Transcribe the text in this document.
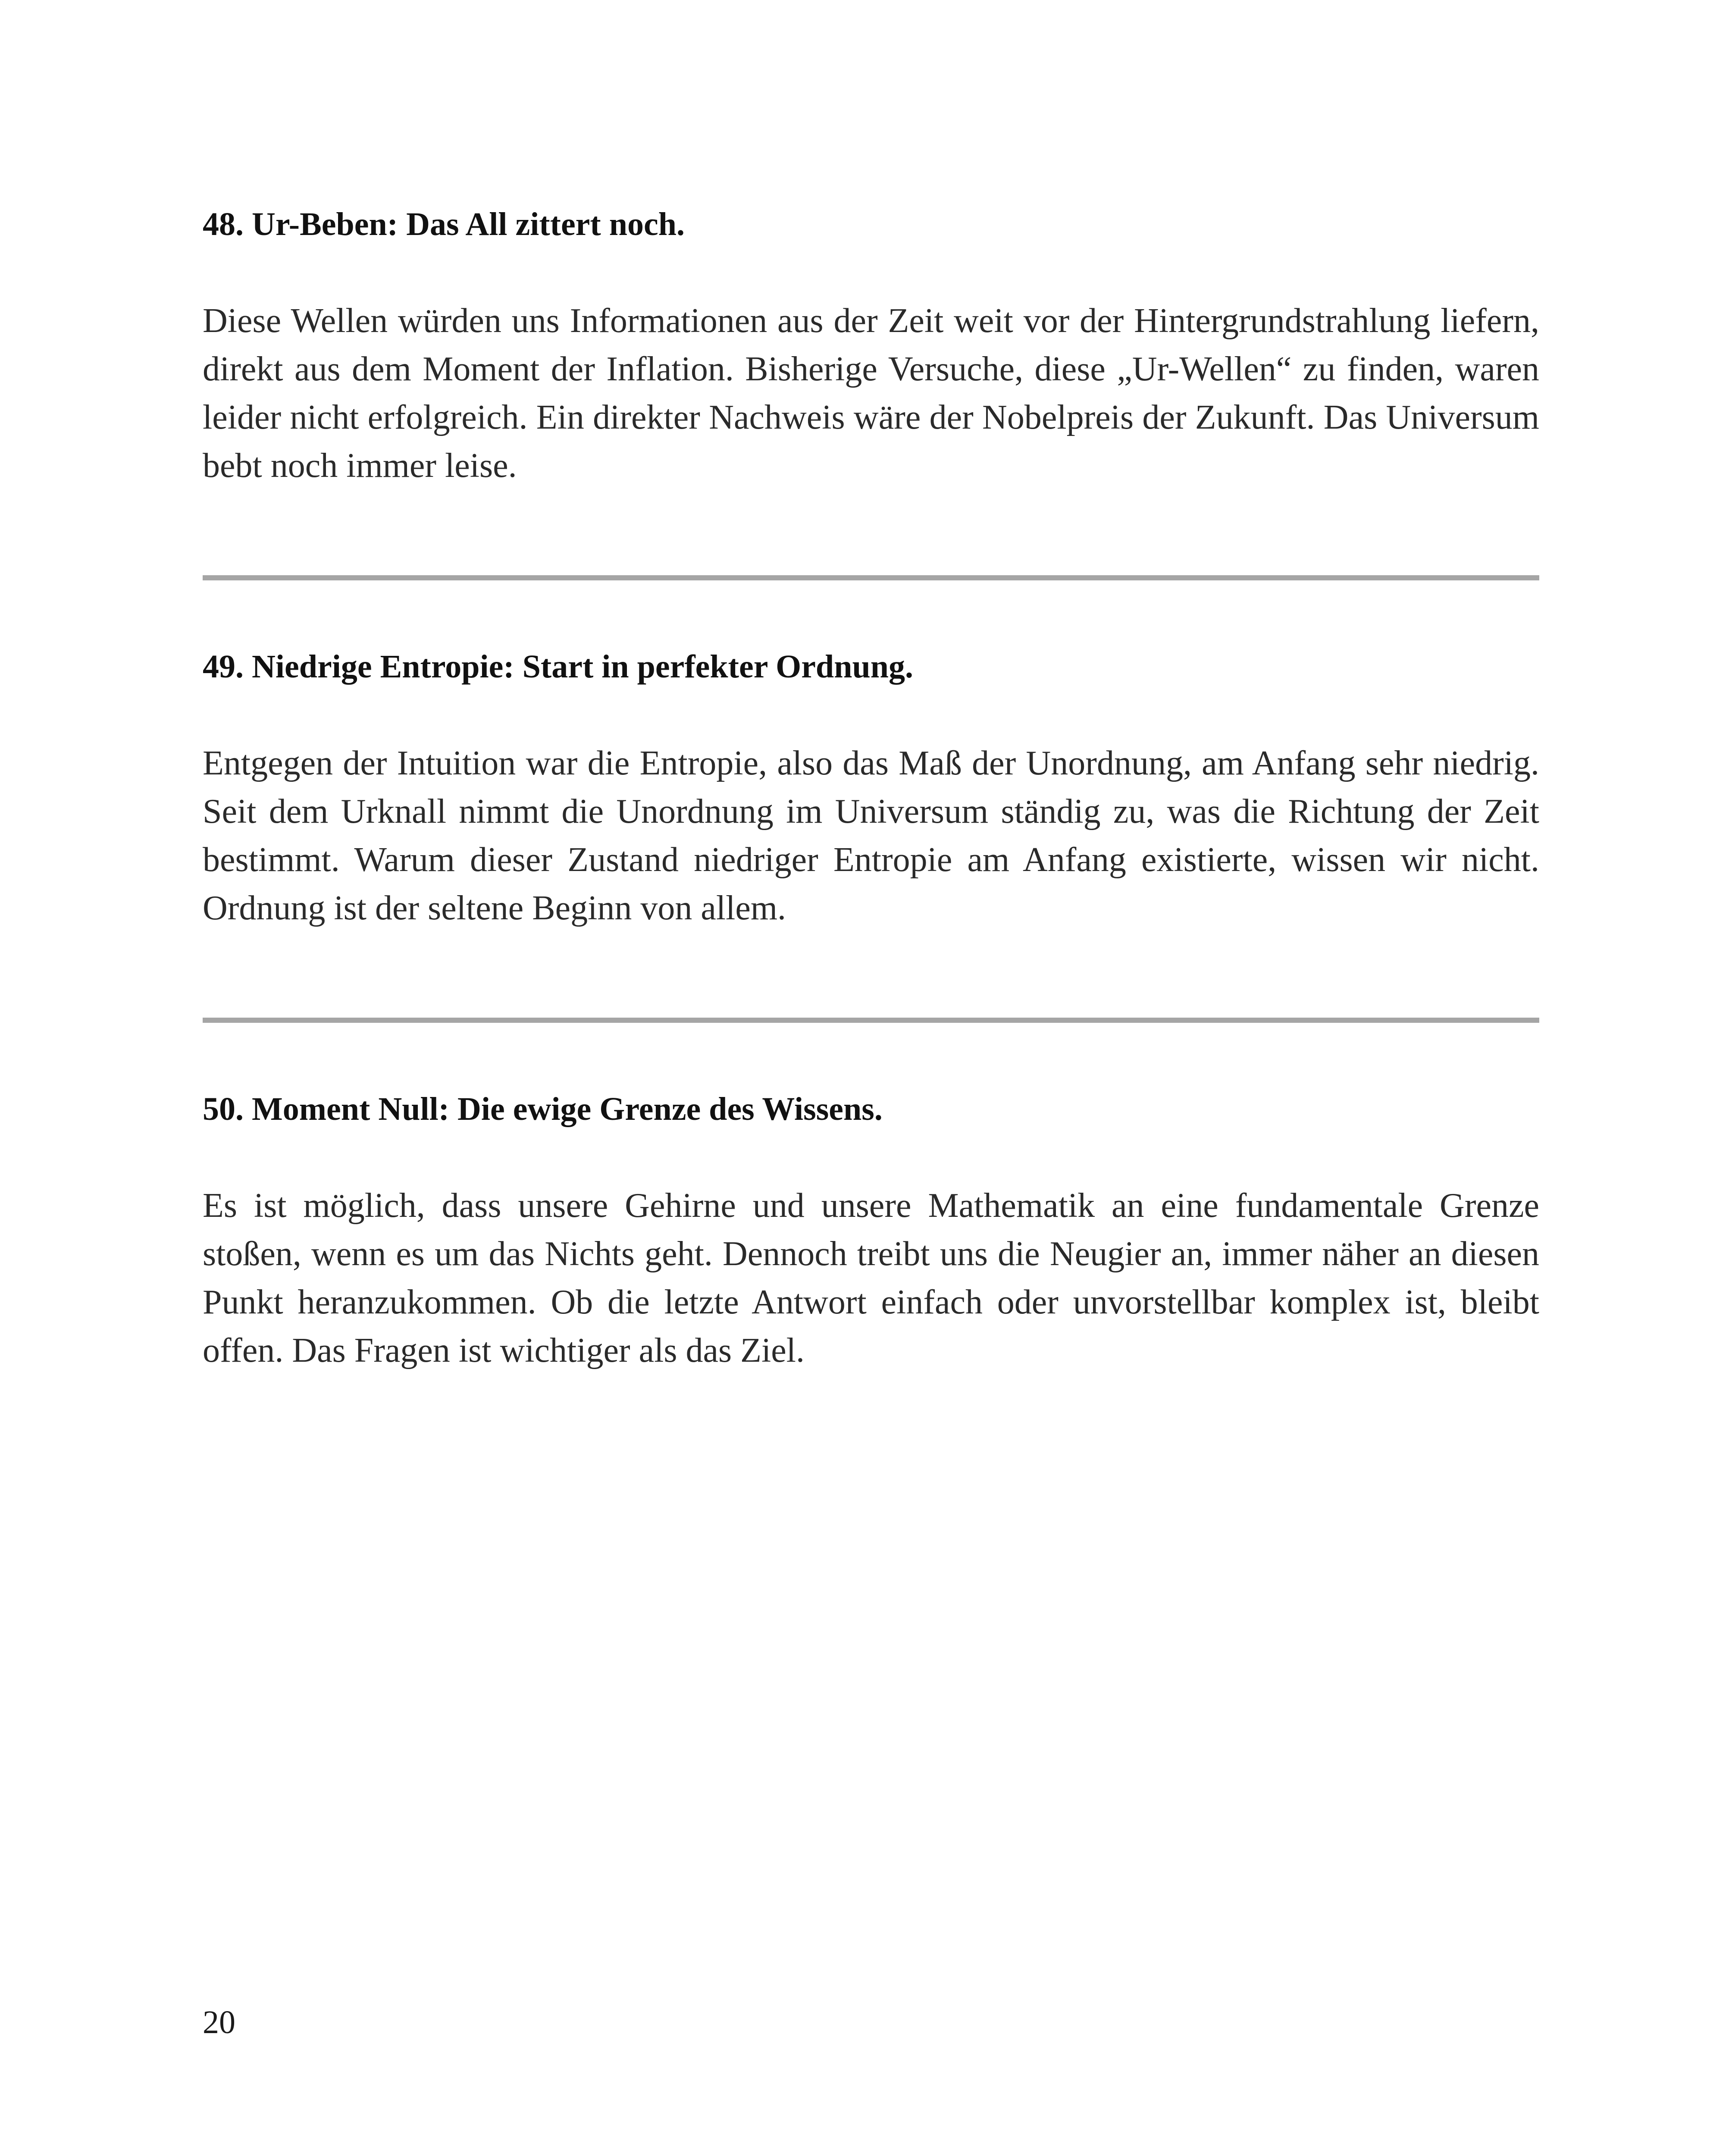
48. Ur-Beben: Das All zittert noch.

Diese Wellen würden uns Informationen aus der Zeit weit vor der Hintergrundstrahlung liefern, direkt aus dem Moment der Inflation. Bisherige Versuche, diese „Ur-Wellen“ zu finden, waren leider nicht erfolgreich. Ein direkter Nachweis wäre der Nobelpreis der Zukunft. Das Universum bebt noch immer leise.

49. Niedrige Entropie: Start in perfekter Ordnung.

Entgegen der Intuition war die Entropie, also das Maß der Unordnung, am Anfang sehr niedrig. Seit dem Urknall nimmt die Unordnung im Universum ständig zu, was die Richtung der Zeit bestimmt. Warum dieser Zustand niedriger Entropie am Anfang existierte, wissen wir nicht. Ordnung ist der seltene Beginn von allem.

50. Moment Null: Die ewige Grenze des Wissens.

Es ist möglich, dass unsere Gehirne und unsere Mathematik an eine fundamentale Grenze stoßen, wenn es um das Nichts geht. Dennoch treibt uns die Neugier an, immer näher an diesen Punkt heranzukommen. Ob die letzte Antwort einfach oder unvorstellbar komplex ist, bleibt offen. Das Fragen ist wichtiger als das Ziel.

20
